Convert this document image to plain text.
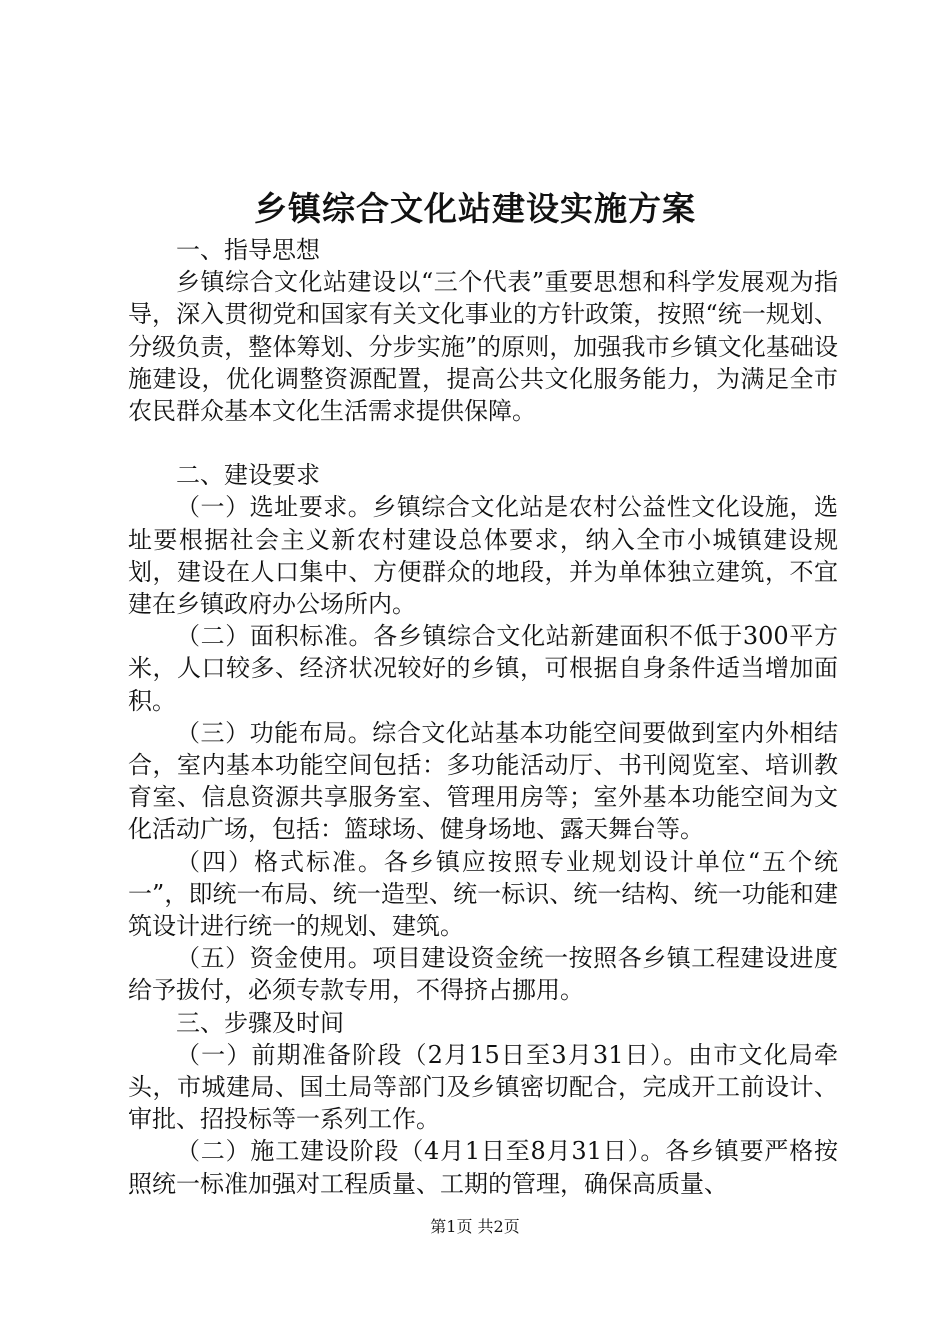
乡镇综合文化站建设实施方案

一、指导思想

乡镇综合文化站建设以“三个代表”重要思想和科学发展观为指导，深入贯彻党和国家有关文化事业的方针政策，按照“统一规划、分级负责，整体筹划、分步实施”的原则，加强我市乡镇文化基础设施建设，优化调整资源配置，提高公共文化服务能力，为满足全市农民群众基本文化生活需求提供保障。

二、建设要求

（一）选址要求。乡镇综合文化站是农村公益性文化设施，选址要根据社会主义新农村建设总体要求，纳入全市小城镇建设规划，建设在人口集中、方便群众的地段，并为单体独立建筑，不宜建在乡镇政府办公场所内。

（二）面积标准。各乡镇综合文化站新建面积不低于300平方米，人口较多、经济状况较好的乡镇，可根据自身条件适当增加面积。

（三）功能布局。综合文化站基本功能空间要做到室内外相结合，室内基本功能空间包括：多功能活动厅、书刊阅览室、培训教育室、信息资源共享服务室、管理用房等；室外基本功能空间为文化活动广场，包括：篮球场、健身场地、露天舞台等。

（四）格式标准。各乡镇应按照专业规划设计单位“五个统一”，即统一布局、统一造型、统一标识、统一结构、统一功能和建筑设计进行统一的规划、建筑。

（五）资金使用。项目建设资金统一按照各乡镇工程建设进度给予拔付，必须专款专用，不得挤占挪用。

三、步骤及时间

（一）前期准备阶段（2月15日至3月31日）。由市文化局牵头，市城建局、国土局等部门及乡镇密切配合，完成开工前设计、审批、招投标等一系列工作。

（二）施工建设阶段（4月1日至8月31日）。各乡镇要严格按照统一标准加强对工程质量、工期的管理，确保高质量、

第1页 共2页
